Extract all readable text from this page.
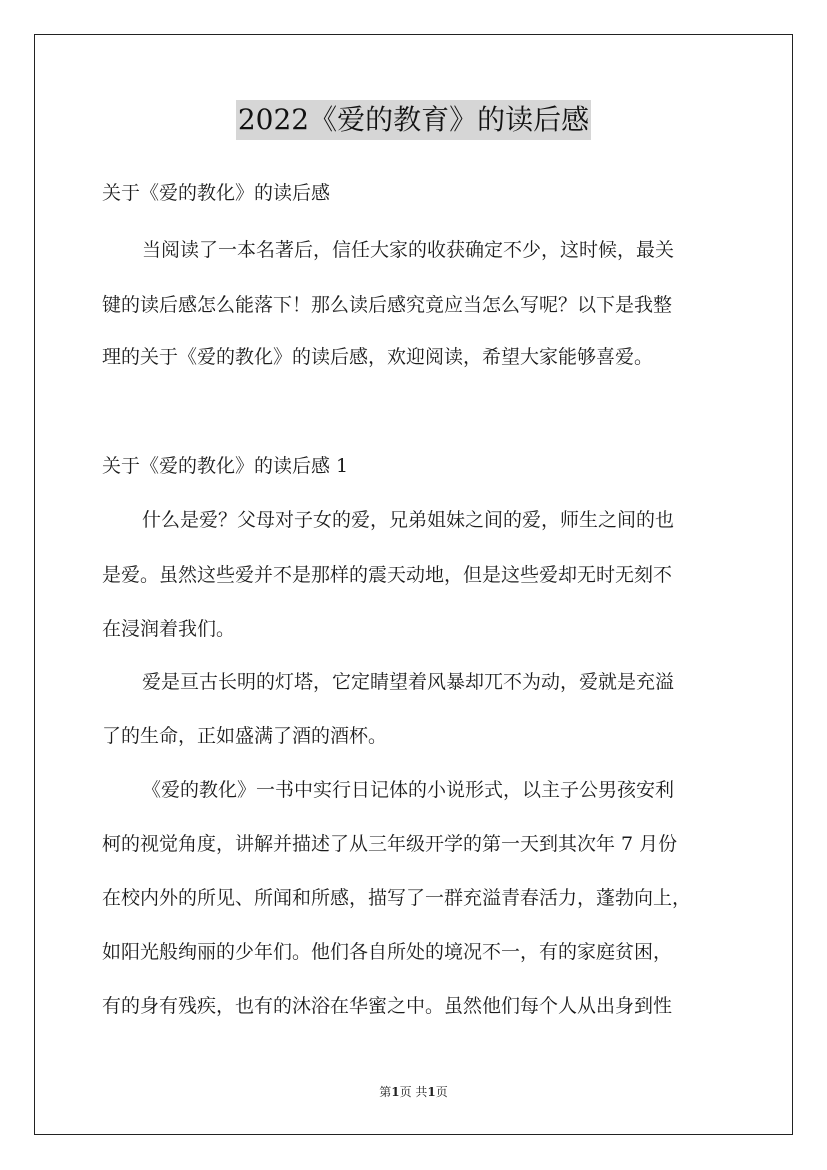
2022《爱的教育》的读后感
关于《爱的教化》的读后感
当阅读了一本名著后，信任大家的收获确定不少，这时候，最关
键的读后感怎么能落下！那么读后感究竟应当怎么写呢？以下是我整
理的关于《爱的教化》的读后感，欢迎阅读，希望大家能够喜爱。
关于《爱的教化》的读后感 1
什么是爱？父母对子女的爱，兄弟姐妹之间的爱，师生之间的也
是爱。虽然这些爱并不是那样的震天动地，但是这些爱却无时无刻不
在浸润着我们。
爱是亘古长明的灯塔，它定睛望着风暴却兀不为动，爱就是充溢
了的生命，正如盛满了酒的酒杯。
《爱的教化》一书中实行日记体的小说形式，以主子公男孩安利
柯的视觉角度，讲解并描述了从三年级开学的第一天到其次年 7 月份
在校内外的所见、所闻和所感，描写了一群充溢青春活力，蓬勃向上，
如阳光般绚丽的少年们。他们各自所处的境况不一，有的家庭贫困，
有的身有残疾，也有的沐浴在华蜜之中。虽然他们每个人从出身到性
第1页 共1页
